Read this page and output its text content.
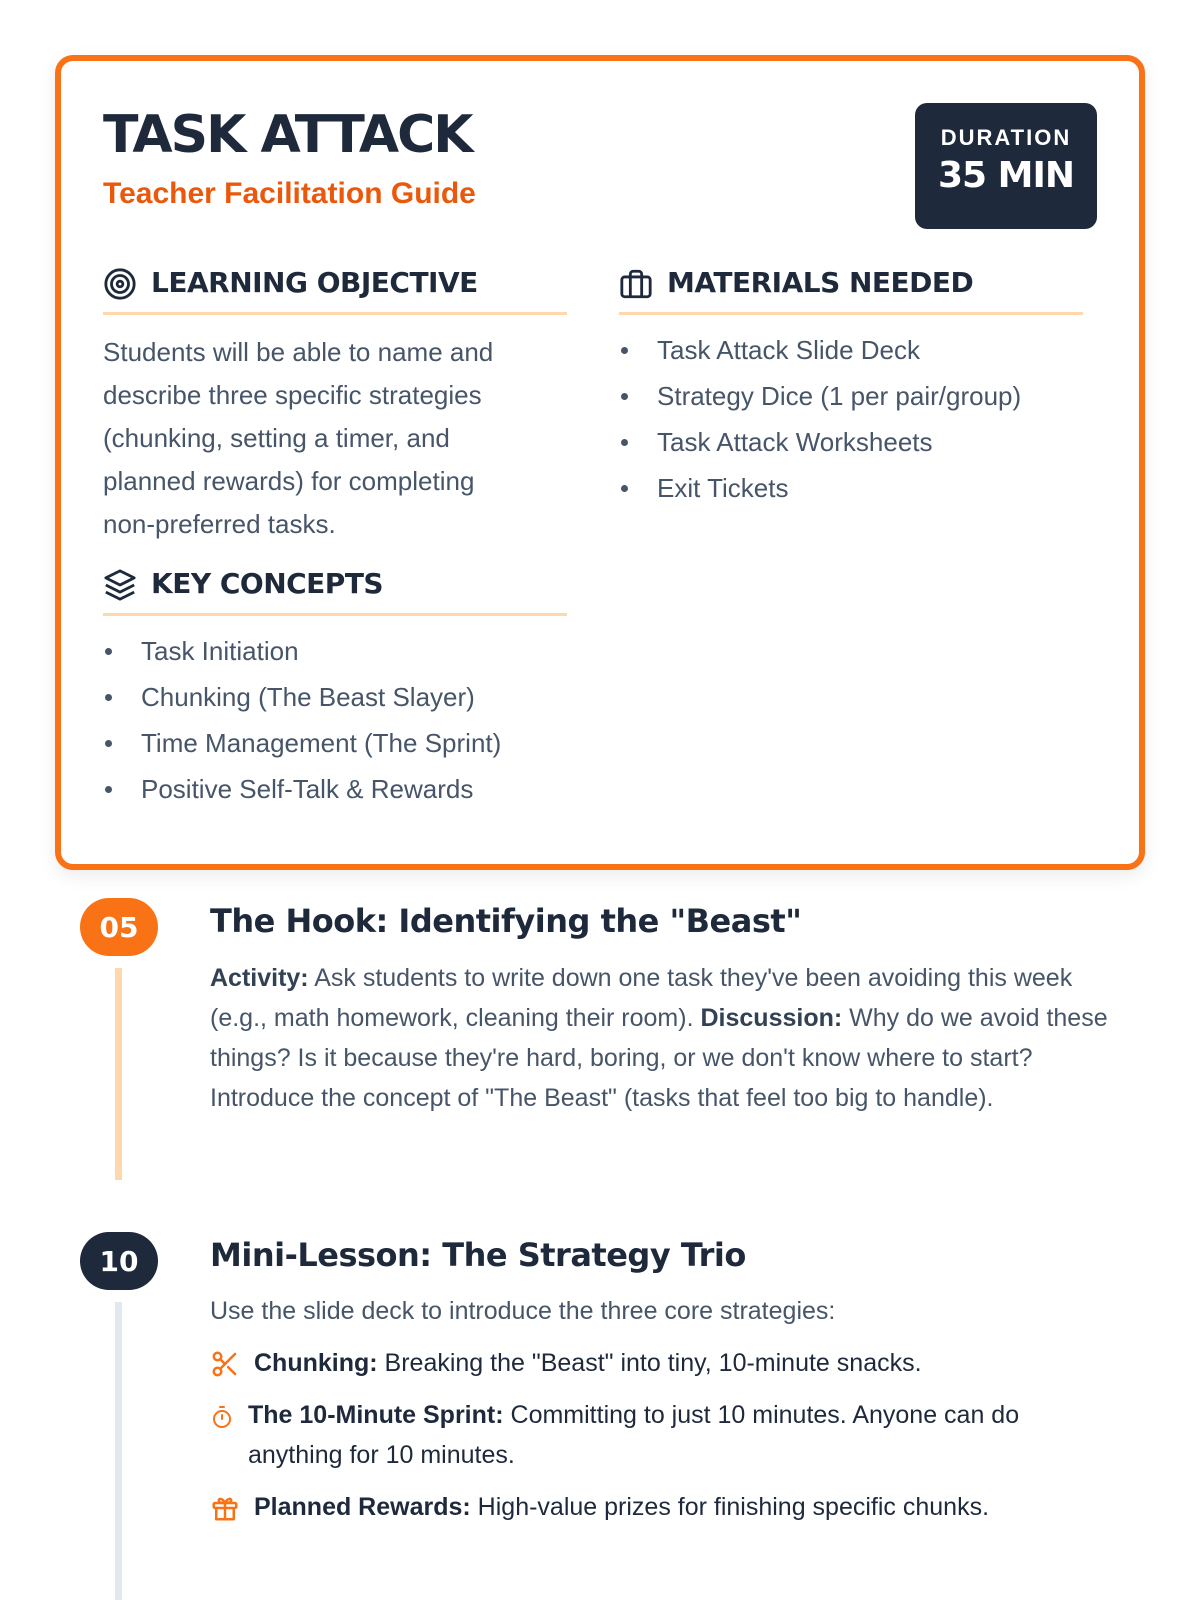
TASK ATTACK
Teacher Facilitation Guide
DURATION
35 MIN
LEARNING OBJECTIVE
Students will be able to name and describe three specific strategies (chunking, setting a timer, and planned rewards) for completing non-preferred tasks.
KEY CONCEPTS
Task Initiation
Chunking (The Beast Slayer)
Time Management (The Sprint)
Positive Self-Talk & Rewards
MATERIALS NEEDED
Task Attack Slide Deck
Strategy Dice (1 per pair/group)
Task Attack Worksheets
Exit Tickets
05	The Hook: Identifying the "Beast"
Activity: Ask students to write down one task they've been avoiding this week (e.g., math homework, cleaning their room). Discussion: Why do we avoid these things? Is it because they're hard, boring, or we don't know where to start? Introduce the concept of "The Beast" (tasks that feel too big to handle).
10	Mini-Lesson: The Strategy Trio
Use the slide deck to introduce the three core strategies:
Chunking: Breaking the "Beast" into tiny, 10-minute snacks.
The 10-Minute Sprint: Committing to just 10 minutes. Anyone can do anything for 10 minutes.
Planned Rewards: High-value prizes for finishing specific chunks.
